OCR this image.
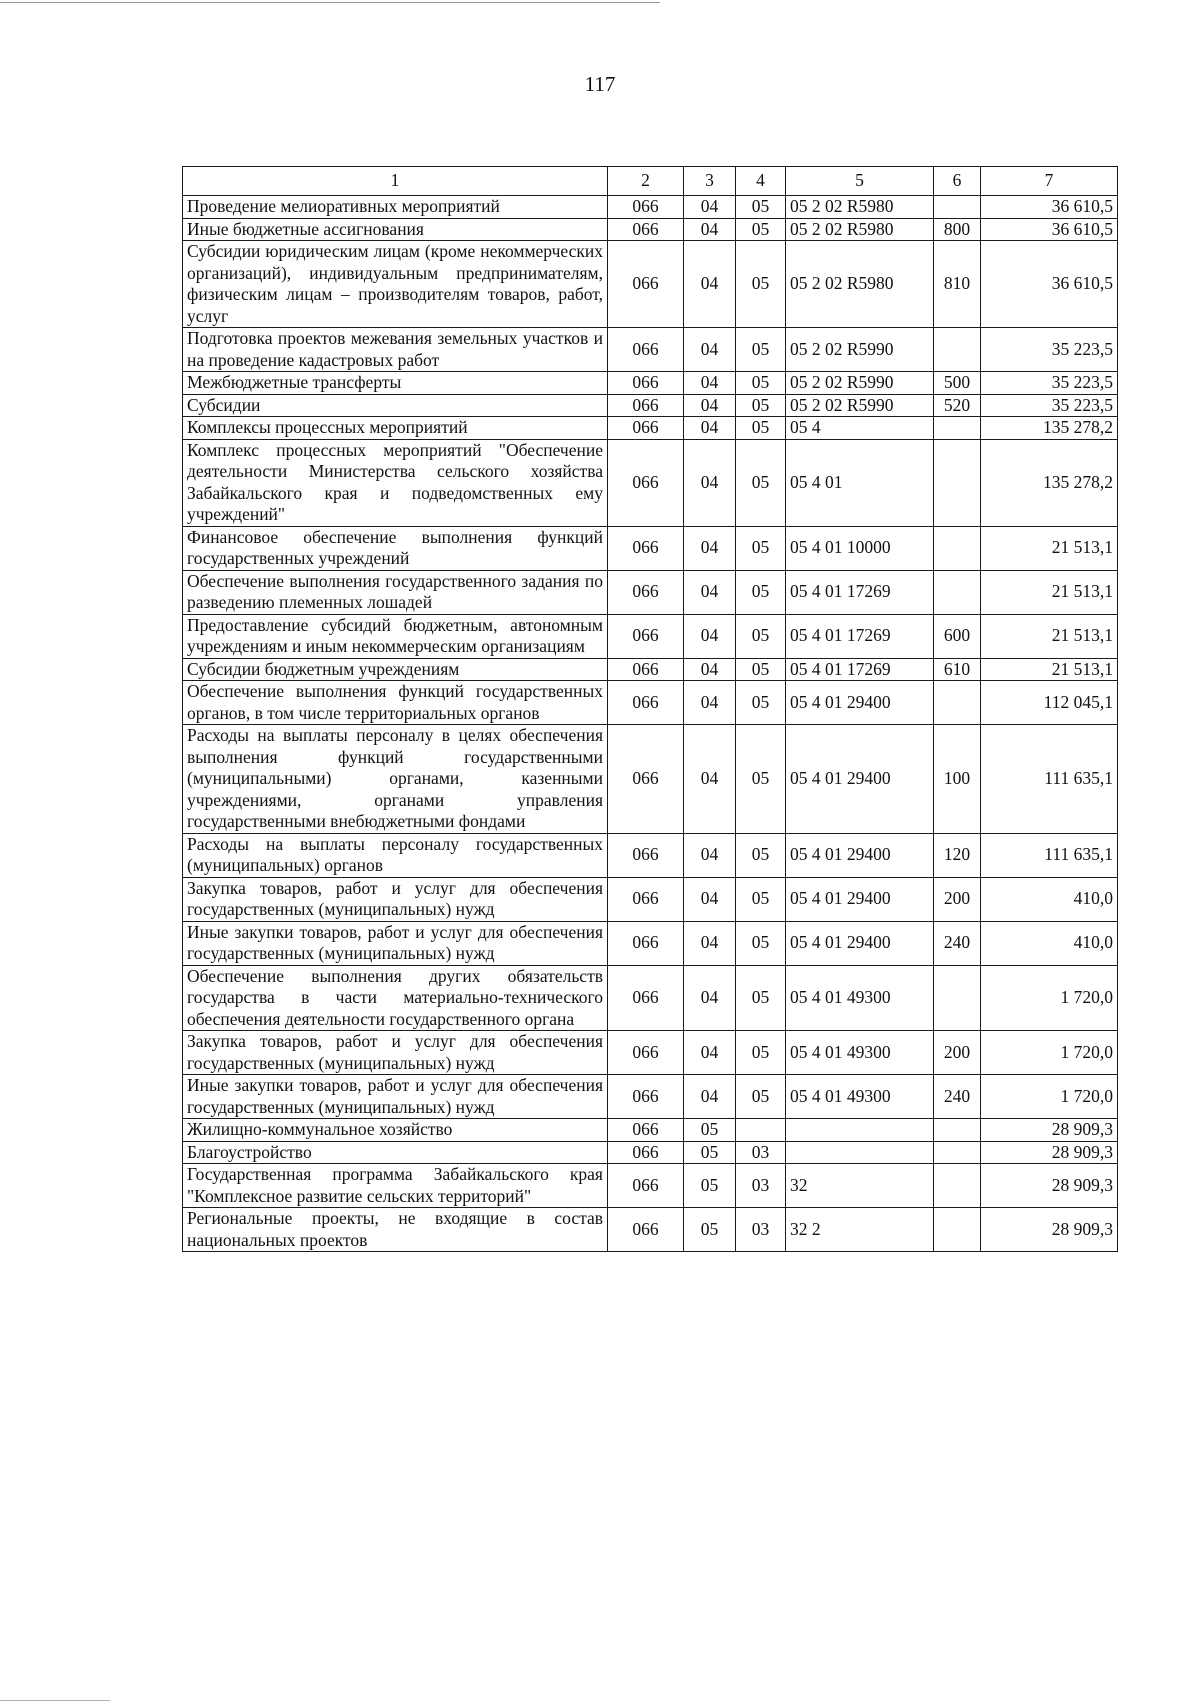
117
1	2	3	4	5	6	7
Проведение мелиоративных мероприятий	066	04	05	05 2 02 R5980		36 610,5
Иные бюджетные ассигнования	066	04	05	05 2 02 R5980	800	36 610,5
Субсидии юридическим лицам (кроме некоммерческих организаций), индивидуальным предпринимателям, физическим лицам – производителям товаров, работ, услуг	066	04	05	05 2 02 R5980	810	36 610,5
Подготовка проектов межевания земельных участков и на проведение кадастровых работ	066	04	05	05 2 02 R5990		35 223,5
Межбюджетные трансферты	066	04	05	05 2 02 R5990	500	35 223,5
Субсидии	066	04	05	05 2 02 R5990	520	35 223,5
Комплексы процессных мероприятий	066	04	05	05 4		135 278,2
Комплекс процессных мероприятий "Обеспечение деятельности Министерства сельского хозяйства Забайкальского края и подведомственных ему учреждений"	066	04	05	05 4 01		135 278,2
Финансовое обеспечение выполнения функций государственных учреждений	066	04	05	05 4 01 10000		21 513,1
Обеспечение выполнения государственного задания по разведению племенных лошадей	066	04	05	05 4 01 17269		21 513,1
Предоставление субсидий бюджетным, автономным учреждениям и иным некоммерческим организациям	066	04	05	05 4 01 17269	600	21 513,1
Субсидии бюджетным учреждениям	066	04	05	05 4 01 17269	610	21 513,1
Обеспечение выполнения функций государственных органов, в том числе территориальных органов	066	04	05	05 4 01 29400		112 045,1
Расходы на выплаты персоналу в целях обеспечения выполнения функций государственными (муниципальными) органами, казенными учреждениями, органами управления государственными внебюджетными фондами	066	04	05	05 4 01 29400	100	111 635,1
Расходы на выплаты персоналу государственных (муниципальных) органов	066	04	05	05 4 01 29400	120	111 635,1
Закупка товаров, работ и услуг для обеспечения государственных (муниципальных) нужд	066	04	05	05 4 01 29400	200	410,0
Иные закупки товаров, работ и услуг для обеспечения государственных (муниципальных) нужд	066	04	05	05 4 01 29400	240	410,0
Обеспечение выполнения других обязательств государства в части материально-технического обеспечения деятельности государственного органа	066	04	05	05 4 01 49300		1 720,0
Закупка товаров, работ и услуг для обеспечения государственных (муниципальных) нужд	066	04	05	05 4 01 49300	200	1 720,0
Иные закупки товаров, работ и услуг для обеспечения государственных (муниципальных) нужд	066	04	05	05 4 01 49300	240	1 720,0
Жилищно-коммунальное хозяйство	066	05				28 909,3
Благоустройство	066	05	03			28 909,3
Государственная программа Забайкальского края "Комплексное развитие сельских территорий"	066	05	03	32		28 909,3
Региональные проекты, не входящие в состав национальных проектов	066	05	03	32 2		28 909,3
